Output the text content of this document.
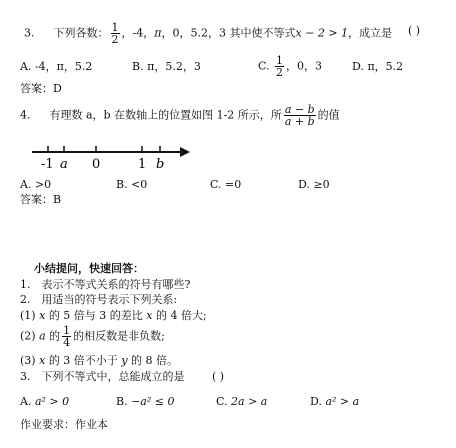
3. 下列各数： $\frac{1}{2}$ ，-4，π，0，5.2，3 其中使不等式x − 2 > 1，成立是 ( )
A. -4，π，5.2	B. π，5.2，3	C. $\frac{1}{2}$ ，0，3	D. π，5.2
答案：D
4. 有理数 a，b 在数轴上的位置如图 1-2 所示，所 $\frac{a - b}{a + b}$ 的值
-1 a 0	1 b
A. >0	B. <0	C. =0	D. ≥0
答案：B
小结提问，快速回答：
1.　表示不等式关系的符号有哪些?
2.　用适当的符号表示下列关系:
(1) x 的 5 倍与 3 的差比 x 的 4 倍大;
(2) a 的 $\frac{1}{4}$ 的相反数是非负数;
(3) x 的 3 倍不小于 y 的 8 倍。
3.　下列不等式中，总能成立的是	( )
A. a² > 0	B. −a² ≤ 0	C. 2a > a	D. a² > a
作业要求：作业本
